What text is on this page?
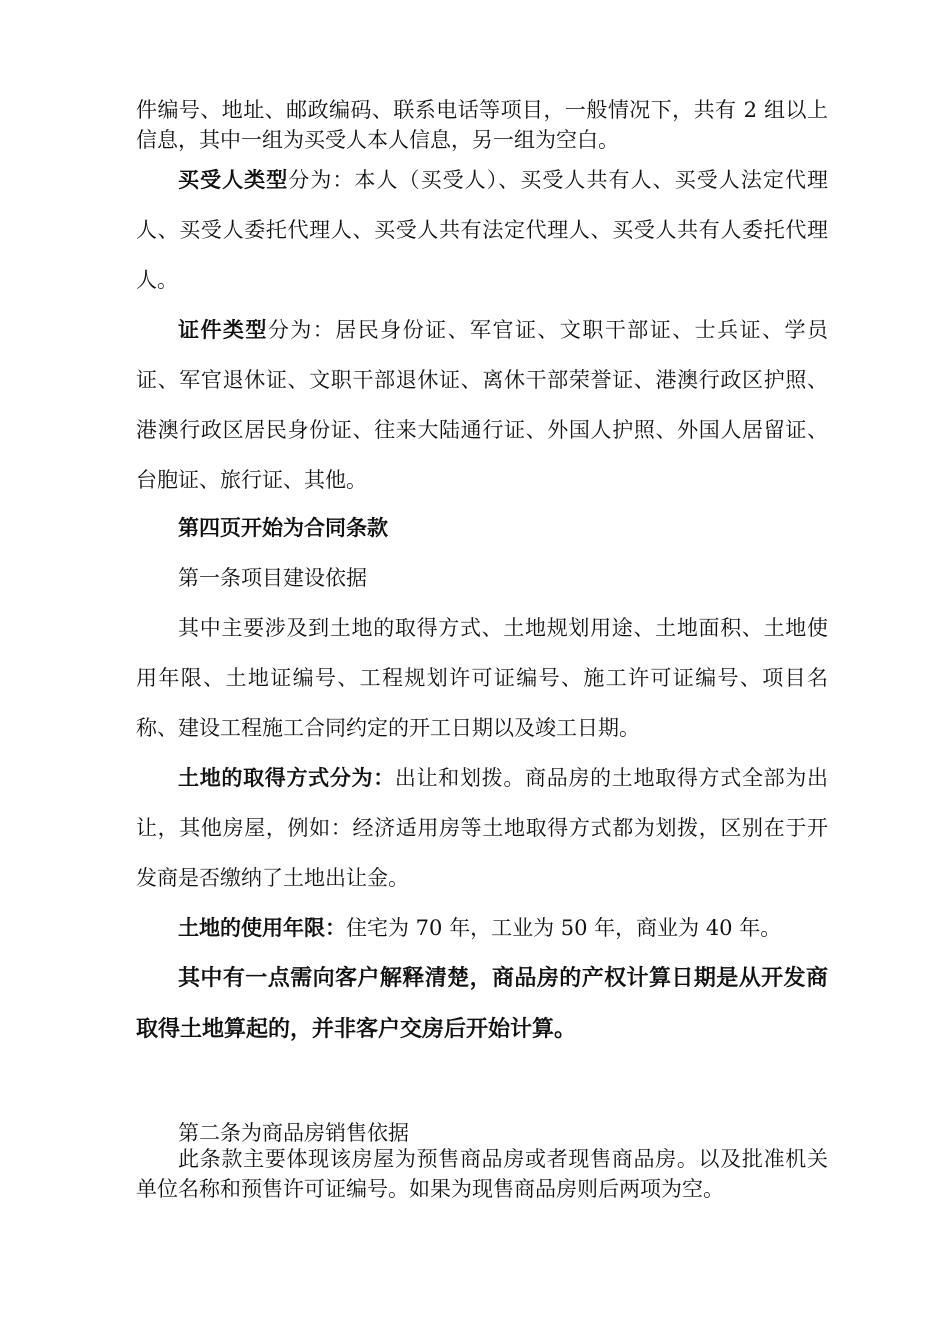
件编号、地址、邮政编码、联系电话等项目，一般情况下，共有 2 组以上信息，其中一组为买受人本人信息，另一组为空白。

买受人类型分为：本人（买受人）、买受人共有人、买受人法定代理人、买受人委托代理人、买受人共有法定代理人、买受人共有人委托代理人。

证件类型分为：居民身份证、军官证、文职干部证、士兵证、学员证、军官退休证、文职干部退休证、离休干部荣誉证、港澳行政区护照、港澳行政区居民身份证、往来大陆通行证、外国人护照、外国人居留证、台胞证、旅行证、其他。

第四页开始为合同条款

第一条项目建设依据

其中主要涉及到土地的取得方式、土地规划用途、土地面积、土地使用年限、土地证编号、工程规划许可证编号、施工许可证编号、项目名称、建设工程施工合同约定的开工日期以及竣工日期。

土地的取得方式分为：出让和划拨。商品房的土地取得方式全部为出让，其他房屋，例如：经济适用房等土地取得方式都为划拨，区别在于开发商是否缴纳了土地出让金。

土地的使用年限：住宅为 70 年，工业为 50 年，商业为 40 年。

其中有一点需向客户解释清楚，商品房的产权计算日期是从开发商取得土地算起的，并非客户交房后开始计算。

第二条为商品房销售依据

此条款主要体现该房屋为预售商品房或者现售商品房。以及批准机关单位名称和预售许可证编号。如果为现售商品房则后两项为空。
